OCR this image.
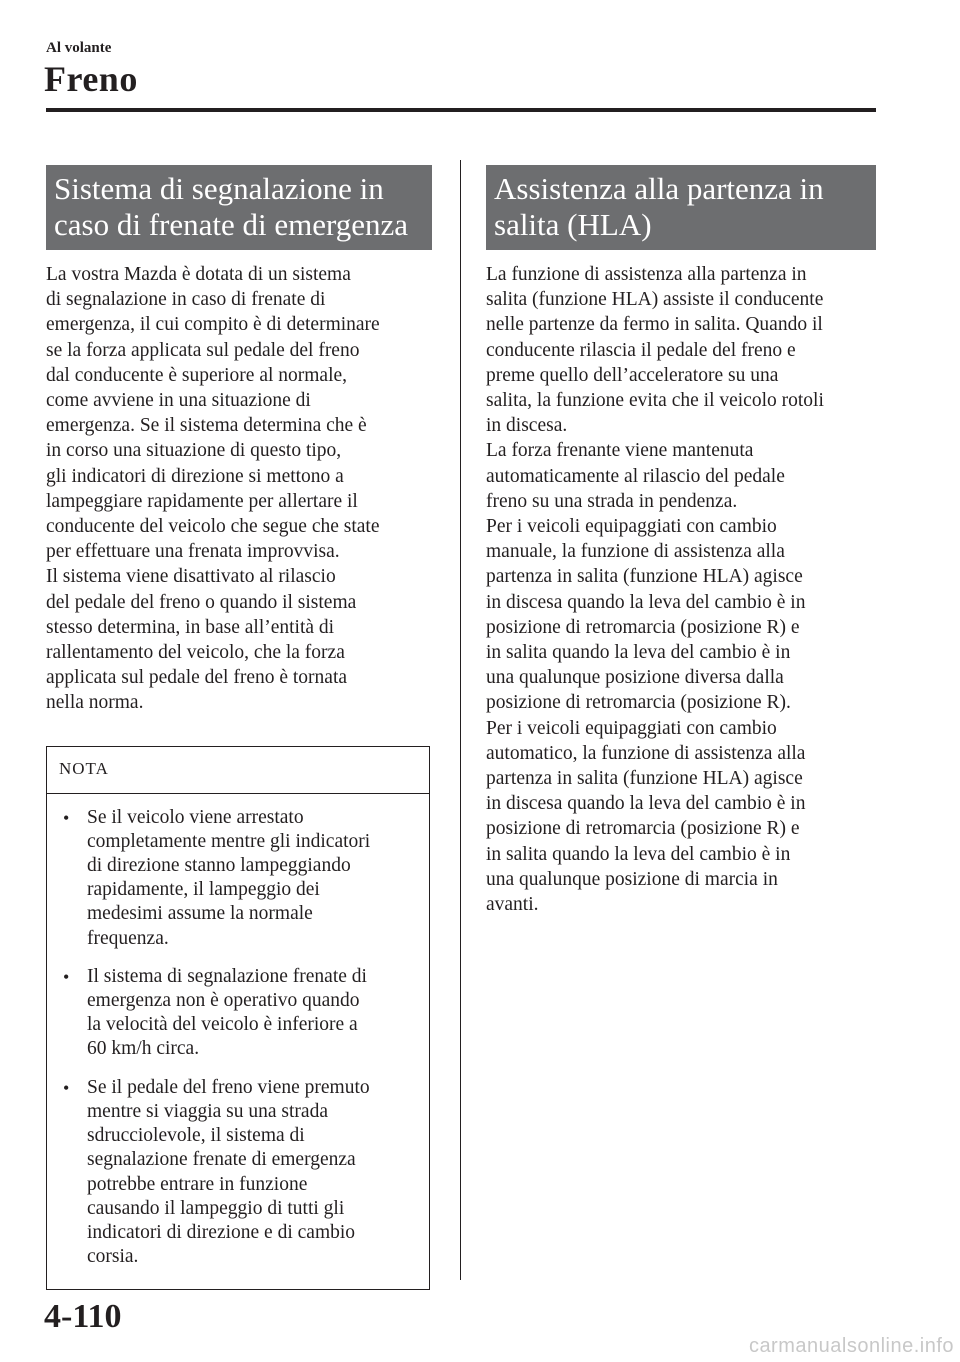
Al volante
Freno
Sistema di segnalazione in
caso di frenate di emergenza

La vostra Mazda è dotata di un sistema

di segnalazione in caso di frenate di

emergenza, il cui compito è di determinare

se la forza applicata sul pedale del freno

dal conducente è superiore al normale,

come avviene in una situazione di

emergenza. Se il sistema determina che è

in corso una situazione di questo tipo,

gli indicatori di direzione si mettono a

lampeggiare rapidamente per allertare il

conducente del veicolo che segue che state

per effettuare una frenata improvvisa.

Il sistema viene disattivato al rilascio

del pedale del freno o quando il sistema

stesso determina, in base all’entità di

rallentamento del veicolo, che la forza

applicata sul pedale del freno è tornata

nella norma.

NOTA
• Se il veicolo viene arrestato
completamente mentre gli indicatori
di direzione stanno lampeggiando
rapidamente, il lampeggio dei
medesimi assume la normale
frequenza.
• Il sistema di segnalazione frenate di
emergenza non è operativo quando
la velocità del veicolo è inferiore a
60 km/h circa.
• Se il pedale del freno viene premuto
mentre si viaggia su una strada
sdrucciolevole, il sistema di
segnalazione frenate di emergenza
potrebbe entrare in funzione
causando il lampeggio di tutti gli
indicatori di direzione e di cambio
corsia.
Assistenza alla partenza in
salita (HLA)

La funzione di assistenza alla partenza in

salita (funzione HLA) assiste il conducente

nelle partenze da fermo in salita. Quando il

conducente rilascia il pedale del freno e

preme quello dell’acceleratore su una

salita, la funzione evita che il veicolo rotoli

in discesa.

La forza frenante viene mantenuta

automaticamente al rilascio del pedale

freno su una strada in pendenza.

Per i veicoli equipaggiati con cambio

manuale, la funzione di assistenza alla

partenza in salita (funzione HLA) agisce

in discesa quando la leva del cambio è in

posizione di retromarcia (posizione R) e

in salita quando la leva del cambio è in

una qualunque posizione diversa dalla

posizione di retromarcia (posizione R).

Per i veicoli equipaggiati con cambio

automatico, la funzione di assistenza alla

partenza in salita (funzione HLA) agisce

in discesa quando la leva del cambio è in

posizione di retromarcia (posizione R) e

in salita quando la leva del cambio è in

una qualunque posizione di marcia in

avanti.

4-110
carmanualsonline.info
